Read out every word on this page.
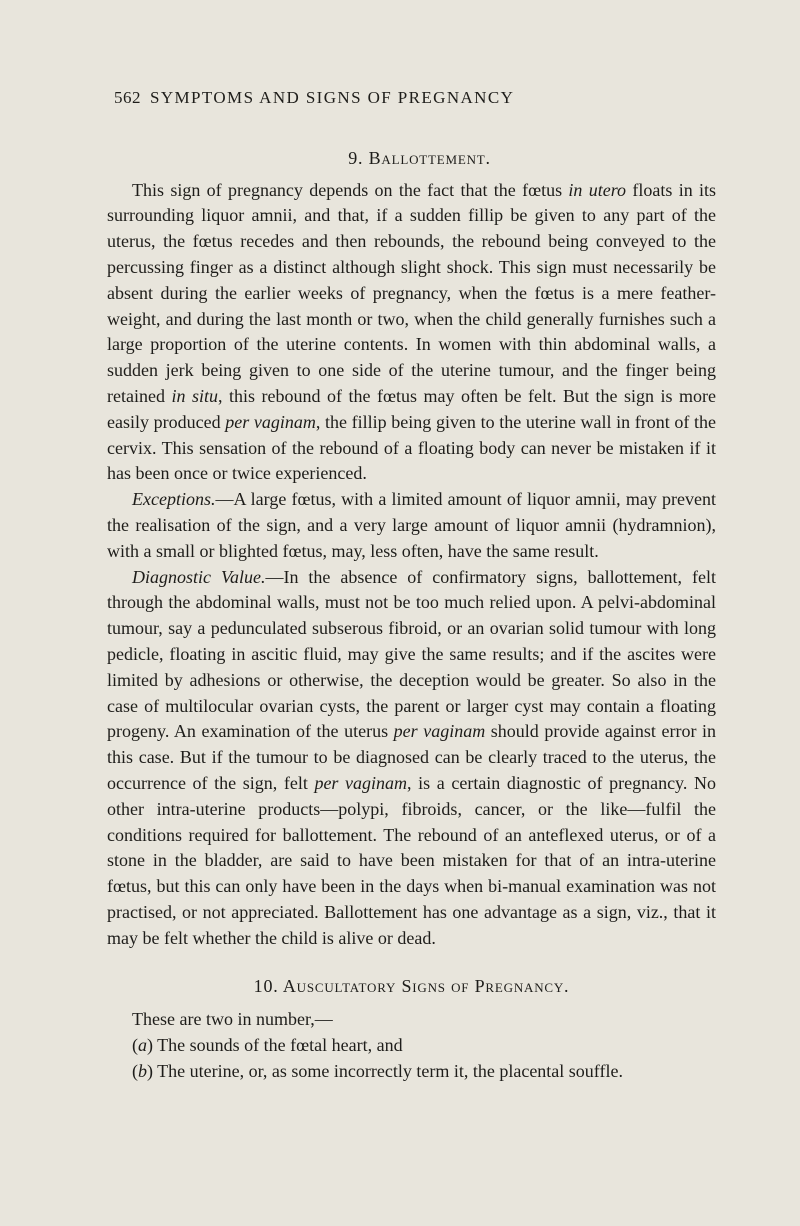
562 SYMPTOMS AND SIGNS OF PREGNANCY
9. Ballottement.

This sign of pregnancy depends on the fact that the fœtus in utero floats in its surrounding liquor amnii, and that, if a sudden fillip be given to any part of the uterus, the fœtus recedes and then rebounds, the rebound being conveyed to the percussing finger as a distinct although slight shock. This sign must necessarily be absent during the earlier weeks of pregnancy, when the fœtus is a mere feather-weight, and during the last month or two, when the child generally furnishes such a large proportion of the uterine contents. In women with thin abdominal walls, a sudden jerk being given to one side of the uterine tumour, and the finger being retained in situ, this rebound of the fœtus may often be felt. But the sign is more easily produced per vaginam, the fillip being given to the uterine wall in front of the cervix. This sensation of the rebound of a floating body can never be mistaken if it has been once or twice experienced.

Exceptions.—A large fœtus, with a limited amount of liquor amnii, may prevent the realisation of the sign, and a very large amount of liquor amnii (hydramnion), with a small or blighted fœtus, may, less often, have the same result.

Diagnostic Value.—In the absence of confirmatory signs, ballottement, felt through the abdominal walls, must not be too much relied upon. A pelvi-abdominal tumour, say a pedunculated subserous fibroid, or an ovarian solid tumour with long pedicle, floating in ascitic fluid, may give the same results; and if the ascites were limited by adhesions or otherwise, the deception would be greater. So also in the case of multilocular ovarian cysts, the parent or larger cyst may contain a floating progeny. An examination of the uterus per vaginam should provide against error in this case. But if the tumour to be diagnosed can be clearly traced to the uterus, the occurrence of the sign, felt per vaginam, is a certain diagnostic of pregnancy. No other intra-uterine products—polypi, fibroids, cancer, or the like—fulfil the conditions required for ballottement. The rebound of an anteflexed uterus, or of a stone in the bladder, are said to have been mistaken for that of an intra-uterine fœtus, but this can only have been in the days when bi-manual examination was not practised, or not appreciated. Ballottement has one advantage as a sign, viz., that it may be felt whether the child is alive or dead.

10. Auscultatory Signs of Pregnancy.

These are two in number,—

(a) The sounds of the fœtal heart, and
(b) The uterine, or, as some incorrectly term it, the placental souffle.
